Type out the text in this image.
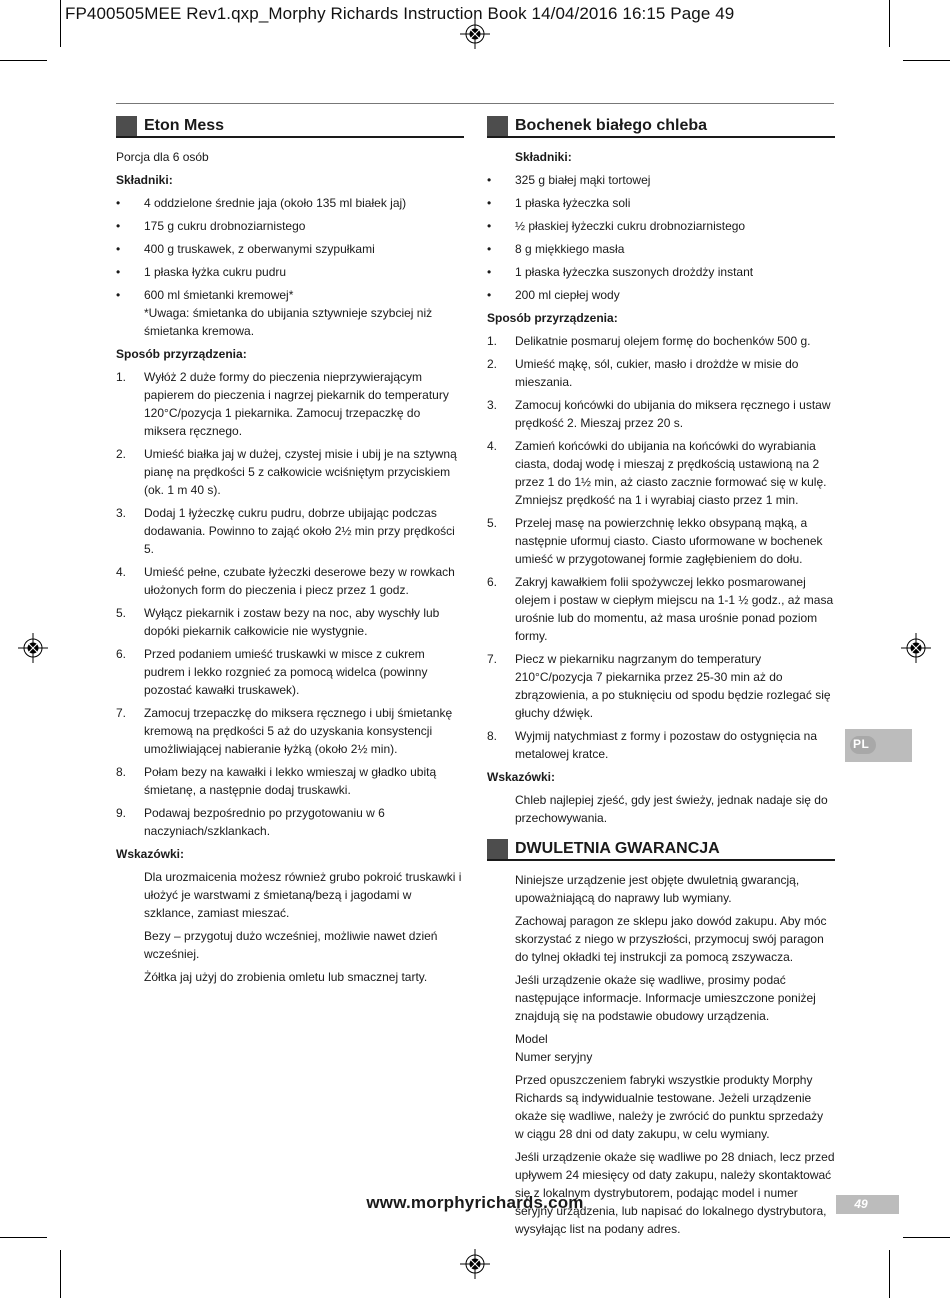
FP400505MEE Rev1.qxp_Morphy Richards Instruction Book 14/04/2016 16:15 Page 49
Eton Mess

Porcja dla 6 osób

Składniki:

• 4 oddzielone średnie jaja (około 135 ml białek jaj)
• 175 g cukru drobnoziarnistego
• 400 g truskawek, z oberwanymi szypułkami
• 1 płaska łyżka cukru pudru
• 600 ml śmietanki kremowej*
*Uwaga: śmietanka do ubijania sztywnieje szybciej niż śmietanka kremowa.

Sposób przyrządzenia:

1. Wyłóż 2 duże formy do pieczenia nieprzywierającym papierem do pieczenia i nagrzej piekarnik do temperatury 120°C/pozycja 1 piekarnika. Zamocuj trzepaczkę do miksera ręcznego.
2. Umieść białka jaj w dużej, czystej misie i ubij je na sztywną pianę na prędkości 5 z całkowicie wciśniętym przyciskiem (ok. 1 m 40 s).
3. Dodaj 1 łyżeczkę cukru pudru, dobrze ubijając podczas dodawania. Powinno to zająć około 2½ min przy prędkości 5.
4. Umieść pełne, czubate łyżeczki deserowe bezy w rowkach ułożonych form do pieczenia i piecz przez 1 godz.
5. Wyłącz piekarnik i zostaw bezy na noc, aby wyschły lub dopóki piekarnik całkowicie nie wystygnie.
6. Przed podaniem umieść truskawki w misce z cukrem pudrem i lekko rozgnieć za pomocą widelca (powinny pozostać kawałki truskawek).
7. Zamocuj trzepaczkę do miksera ręcznego i ubij śmietankę kremową na prędkości 5 aż do uzyskania konsystencji umożliwiającej nabieranie łyżką (około 2½ min).
8. Połam bezy na kawałki i lekko wmieszaj w gładko ubitą śmietanę, a następnie dodaj truskawki.
9. Podawaj bezpośrednio po przygotowaniu w 6 naczyniach/szklankach.

Wskazówki:

Dla urozmaicenia możesz również grubo pokroić truskawki i ułożyć je warstwami z śmietaną/bezą i jagodami w szklance, zamiast mieszać.

Bezy – przygotuj dużo wcześniej, możliwie nawet dzień wcześniej.

Żółtka jaj użyj do zrobienia omletu lub smacznej tarty.

Bochenek białego chleba

Składniki:

• 325 g białej mąki tortowej
• 1 płaska łyżeczka soli
• ½ płaskiej łyżeczki cukru drobnoziarnistego
• 8 g miękkiego masła
• 1 płaska łyżeczka suszonych drożdży instant
• 200 ml ciepłej wody

Sposób przyrządzenia:

1. Delikatnie posmaruj olejem formę do bochenków 500 g.
2. Umieść mąkę, sól, cukier, masło i drożdże w misie do mieszania.
3. Zamocuj końcówki do ubijania do miksera ręcznego i ustaw prędkość 2. Mieszaj przez 20 s.
4. Zamień końcówki do ubijania na końcówki do wyrabiania ciasta, dodaj wodę i mieszaj z prędkością ustawioną na 2 przez 1 do 1½ min, aż ciasto zacznie formować się w kulę. Zmniejsz prędkość na 1 i wyrabiaj ciasto przez 1 min.
5. Przelej masę na powierzchnię lekko obsypaną mąką, a następnie uformuj ciasto. Ciasto uformowane w bochenek umieść w przygotowanej formie zagłębieniem do dołu.
6. Zakryj kawałkiem folii spożywczej lekko posmarowanej olejem i postaw w ciepłym miejscu na 1-1 ½ godz., aż masa urośnie lub do momentu, aż masa urośnie ponad poziom formy.
7. Piecz w piekarniku nagrzanym do temperatury 210°C/pozycja 7 piekarnika przez 25-30 min aż do zbrązowienia, a po stuknięciu od spodu będzie rozlegać się głuchy dźwięk.
8. Wyjmij natychmiast z formy i pozostaw do ostygnięcia na metalowej kratce.

Wskazówki:

Chleb najlepiej zjeść, gdy jest świeży, jednak nadaje się do przechowywania.

DWULETNIA GWARANCJA

Niniejsze urządzenie jest objęte dwuletnią gwarancją, upoważniającą do naprawy lub wymiany.

Zachowaj paragon ze sklepu jako dowód zakupu. Aby móc skorzystać z niego w przyszłości, przymocuj swój paragon do tylnej okładki tej instrukcji za pomocą zszywacza.

Jeśli urządzenie okaże się wadliwe, prosimy podać następujące informacje. Informacje umieszczone poniżej znajdują się na podstawie obudowy urządzenia.

Model

Numer seryjny

Przed opuszczeniem fabryki wszystkie produkty Morphy Richards są indywidualnie testowane. Jeżeli urządzenie okaże się wadliwe, należy je zwrócić do punktu sprzedaży w ciągu 28 dni od daty zakupu, w celu wymiany.

Jeśli urządzenie okaże się wadliwe po 28 dniach, lecz przed upływem 24 miesięcy od daty zakupu, należy skontaktować się z lokalnym dystrybutorem, podając model i numer seryjny urządzenia, lub napisać do lokalnego dystrybutora, wysyłając list na podany adres.

PL
www.morphyrichards.com	49
